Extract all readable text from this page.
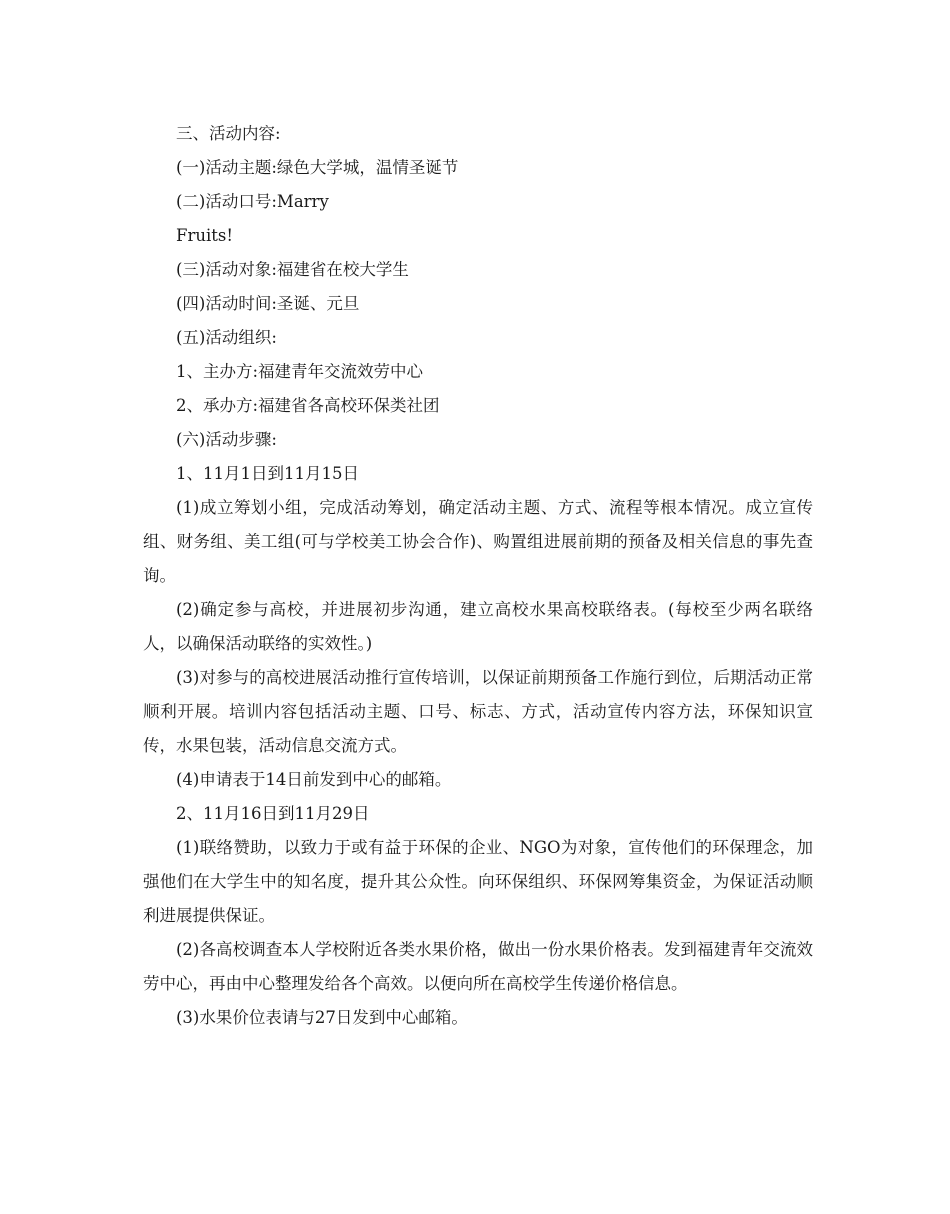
三、活动内容:

(一)活动主题:绿色大学城，温情圣诞节

(二)活动口号:Marry

Fruits!

(三)活动对象:福建省在校大学生

(四)活动时间:圣诞、元旦

(五)活动组织:

1、主办方:福建青年交流效劳中心

2、承办方:福建省各高校环保类社团

(六)活动步骤:

1、11月1日到11月15日

(1)成立筹划小组，完成活动筹划，确定活动主题、方式、流程等根本情况。成立宣传组、财务组、美工组(可与学校美工协会合作)、购置组进展前期的预备及相关信息的事先查询。

(2)确定参与高校，并进展初步沟通，建立高校水果高校联络表。(每校至少两名联络人，以确保活动联络的实效性。)

(3)对参与的高校进展活动推行宣传培训，以保证前期预备工作施行到位，后期活动正常顺利开展。培训内容包括活动主题、口号、标志、方式，活动宣传内容方法，环保知识宣传，水果包装，活动信息交流方式。

(4)申请表于14日前发到中心的邮箱。

2、11月16日到11月29日

(1)联络赞助，以致力于或有益于环保的企业、NGO为对象，宣传他们的环保理念，加强他们在大学生中的知名度，提升其公众性。向环保组织、环保网筹集资金，为保证活动顺利进展提供保证。

(2)各高校调查本人学校附近各类水果价格，做出一份水果价格表。发到福建青年交流效劳中心，再由中心整理发给各个高效。以便向所在高校学生传递价格信息。

(3)水果价位表请与27日发到中心邮箱。
